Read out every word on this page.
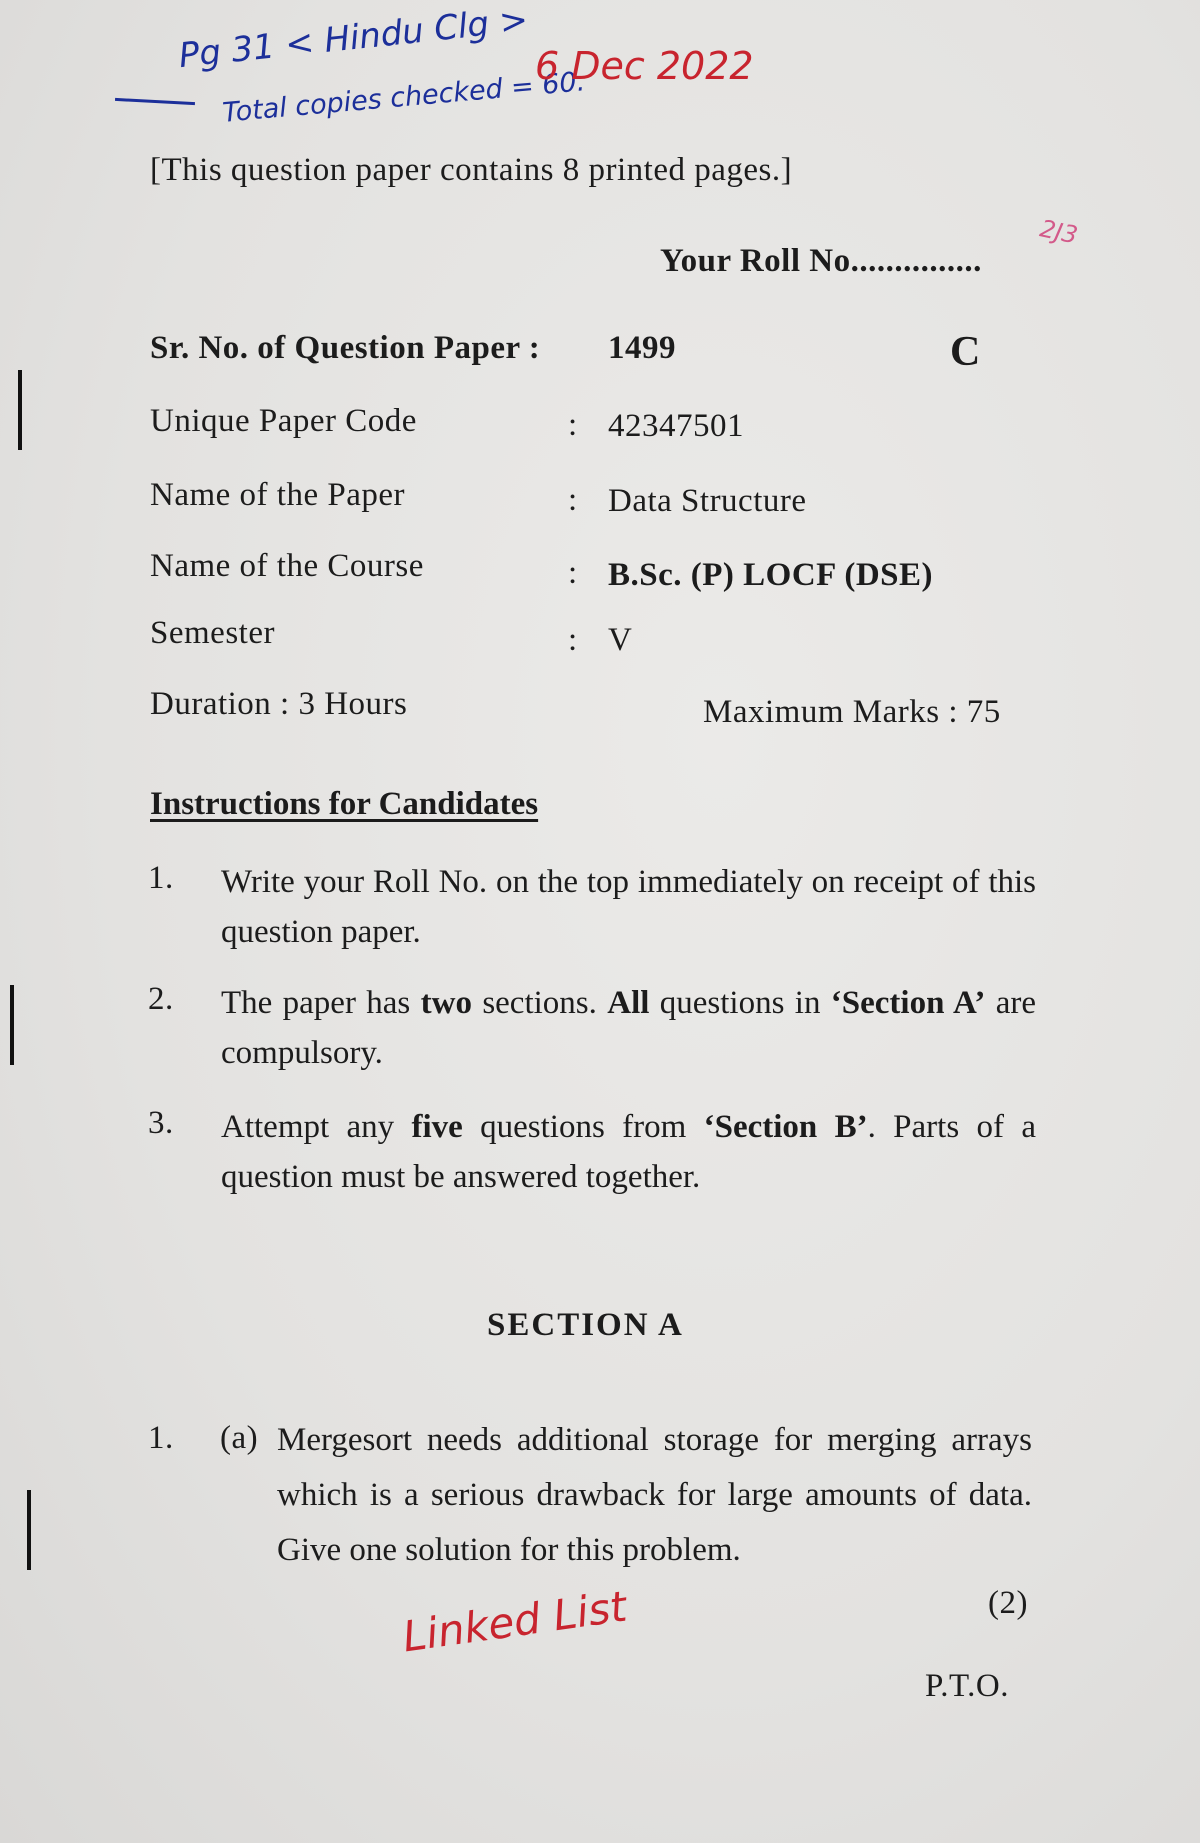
Pg 31 < Hindu Clg >
Total copies checked = 60.
6 Dec 2022
2J3
[This question paper contains 8 printed pages.]
Your Roll No...............
Sr. No. of Question Paper : 1499	C
Unique Paper Code	: 42347501
Name of the Paper	: Data Structure
Name of the Course	: B.Sc. (P) LOCF (DSE)
Semester	: V
Duration : 3 Hours	Maximum Marks : 75
Instructions for Candidates
1. Write your Roll No. on the top immediately on receipt of this question paper.
2. The paper has two sections. All questions in ‘Section A’ are compulsory.
3. Attempt any five questions from ‘Section B’. Parts of a question must be answered together.
SECTION A
1. (a) Mergesort needs additional storage for merging arrays which is a serious drawback for large amounts of data. Give one solution for this problem.
(2)
Linked List
P.T.O.
